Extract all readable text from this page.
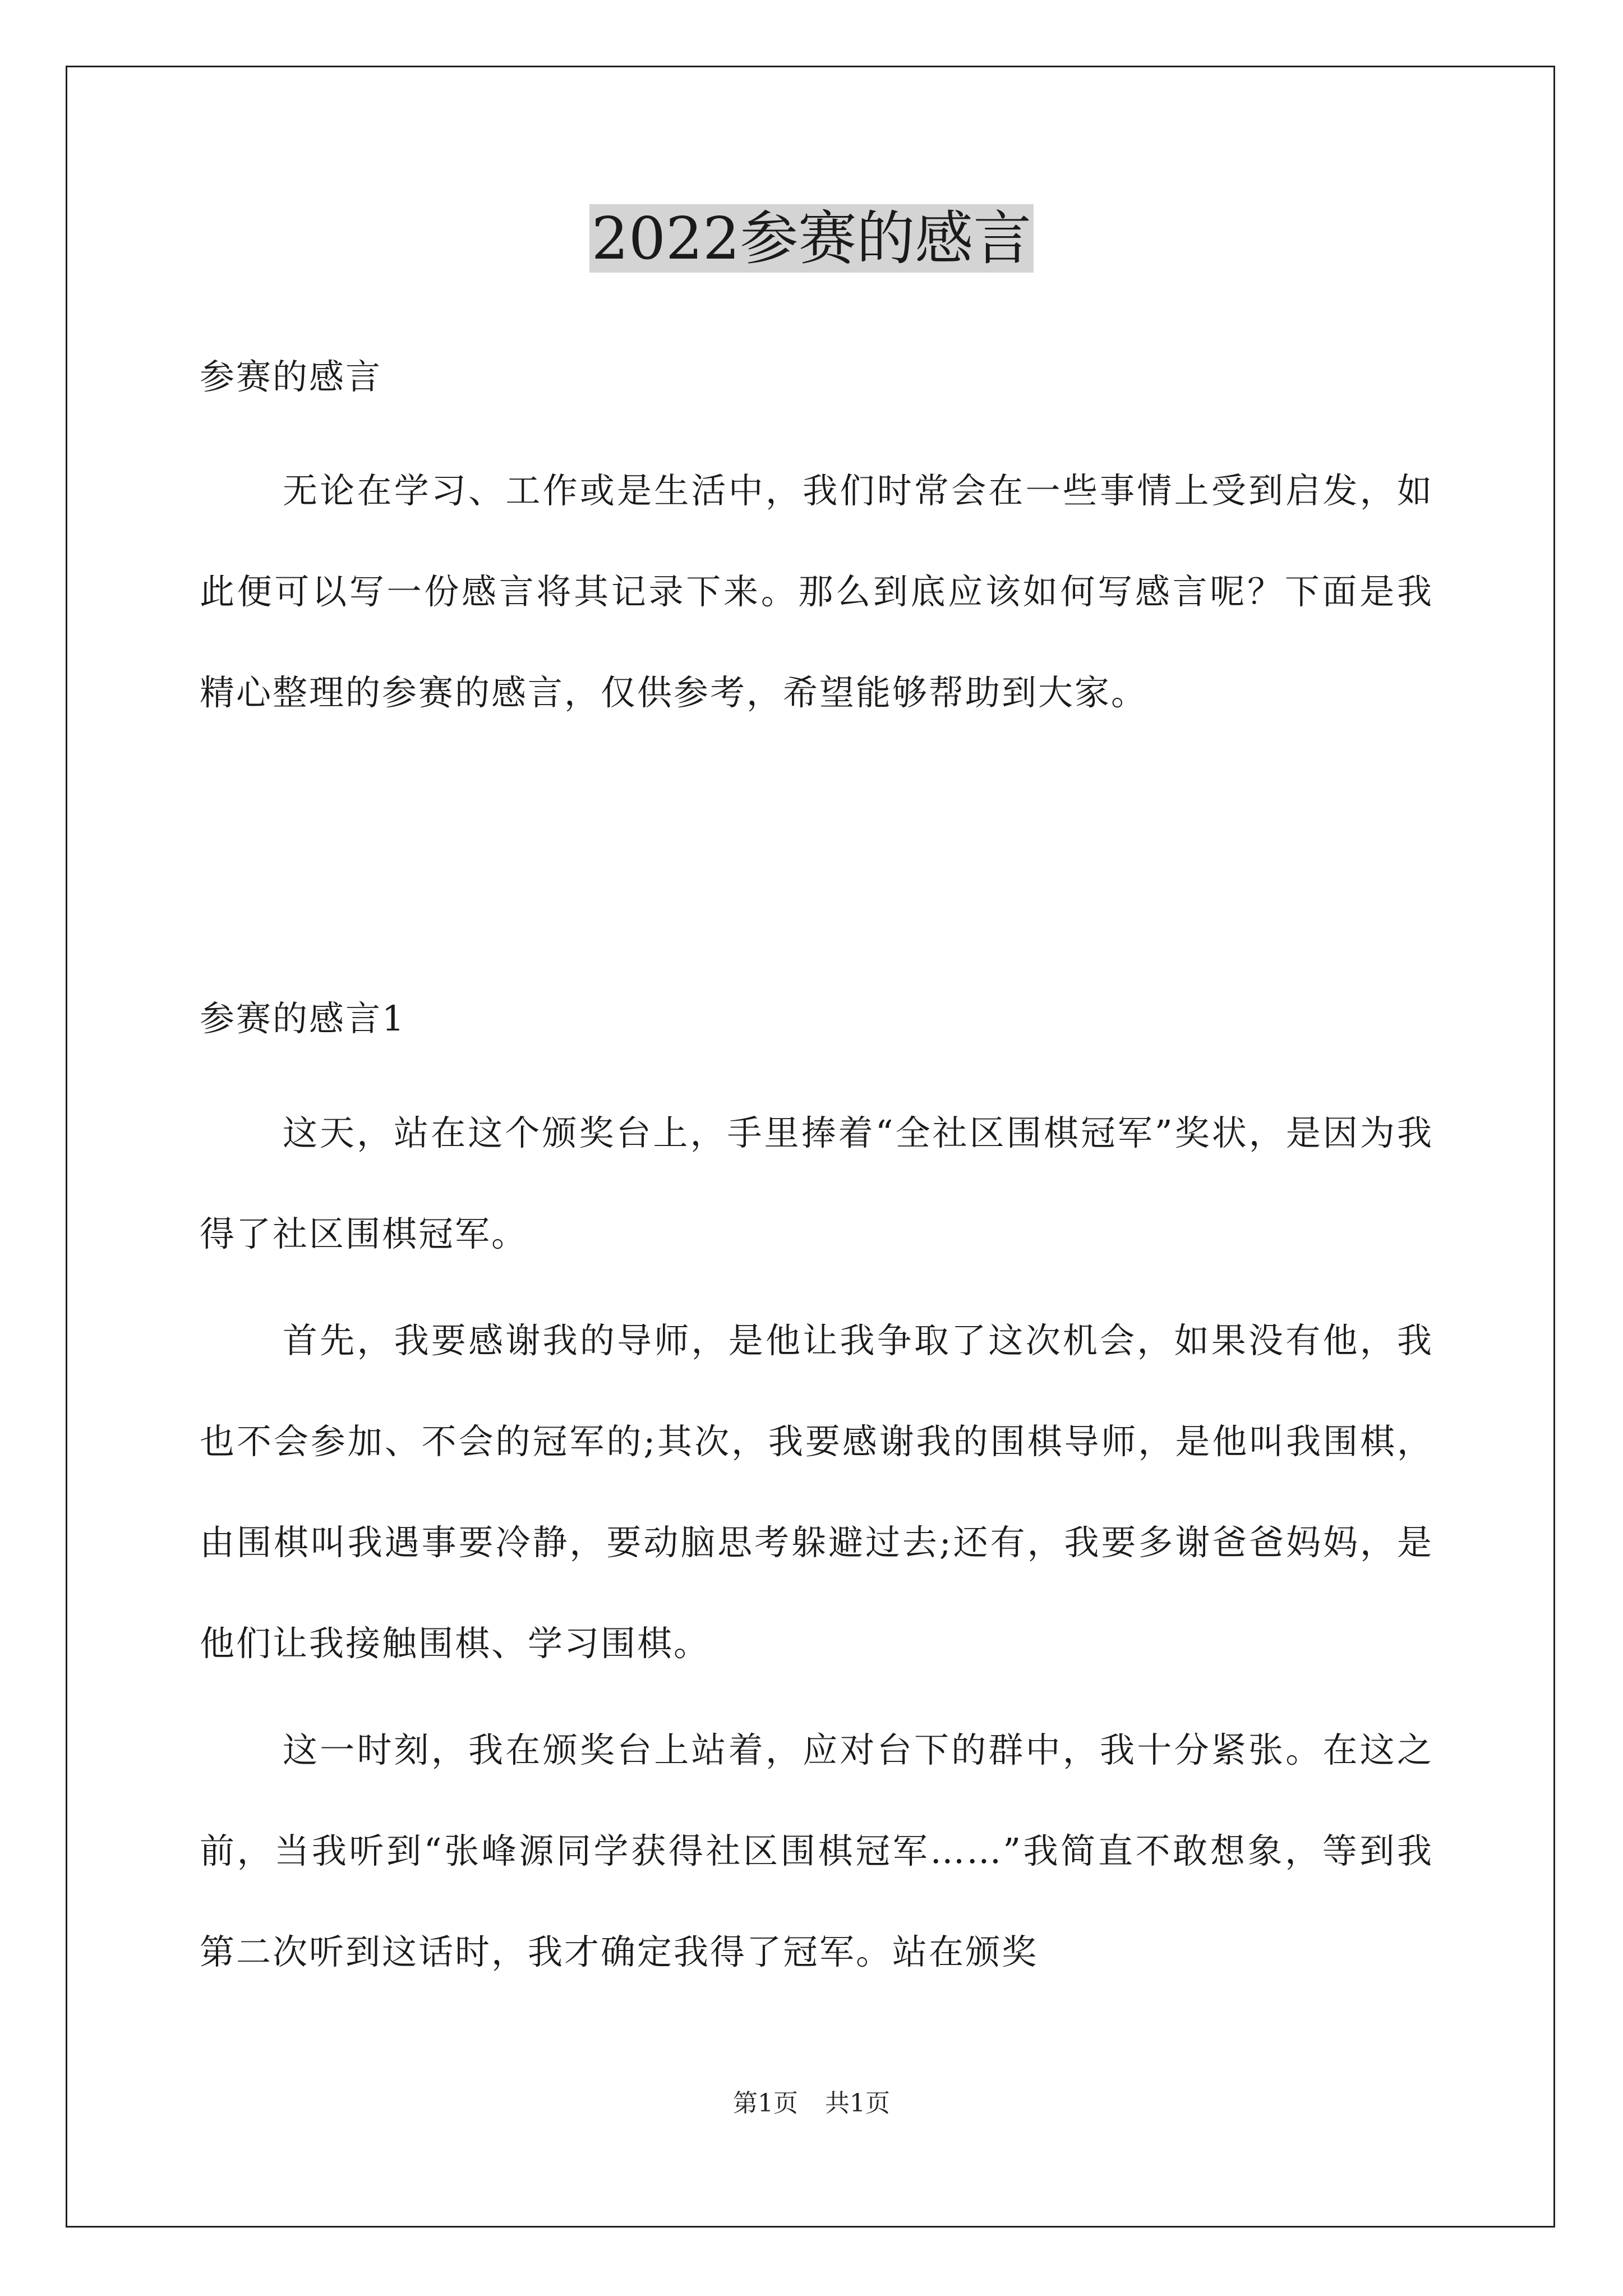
2022参赛的感言

参赛的感言

无论在学习、工作或是生活中，我们时常会在一些事情上受到启发，如此便可以写一份感言将其记录下来。那么到底应该如何写感言呢？下面是我精心整理的参赛的感言，仅供参考，希望能够帮助到大家。

参赛的感言1

这天，站在这个颁奖台上，手里捧着“全社区围棋冠军”奖状，是因为我得了社区围棋冠军。

首先，我要感谢我的导师，是他让我争取了这次机会，如果没有他，我也不会参加、不会的冠军的;其次，我要感谢我的围棋导师，是他叫我围棋，由围棋叫我遇事要冷静，要动脑思考躲避过去;还有，我要多谢爸爸妈妈，是他们让我接触围棋、学习围棋。

这一时刻，我在颁奖台上站着，应对台下的群中，我十分紧张。在这之前，当我听到“张峰源同学获得社区围棋冠军……”我简直不敢想象，等到我第二次听到这话时，我才确定我得了冠军。站在颁奖

第1页 共1页
